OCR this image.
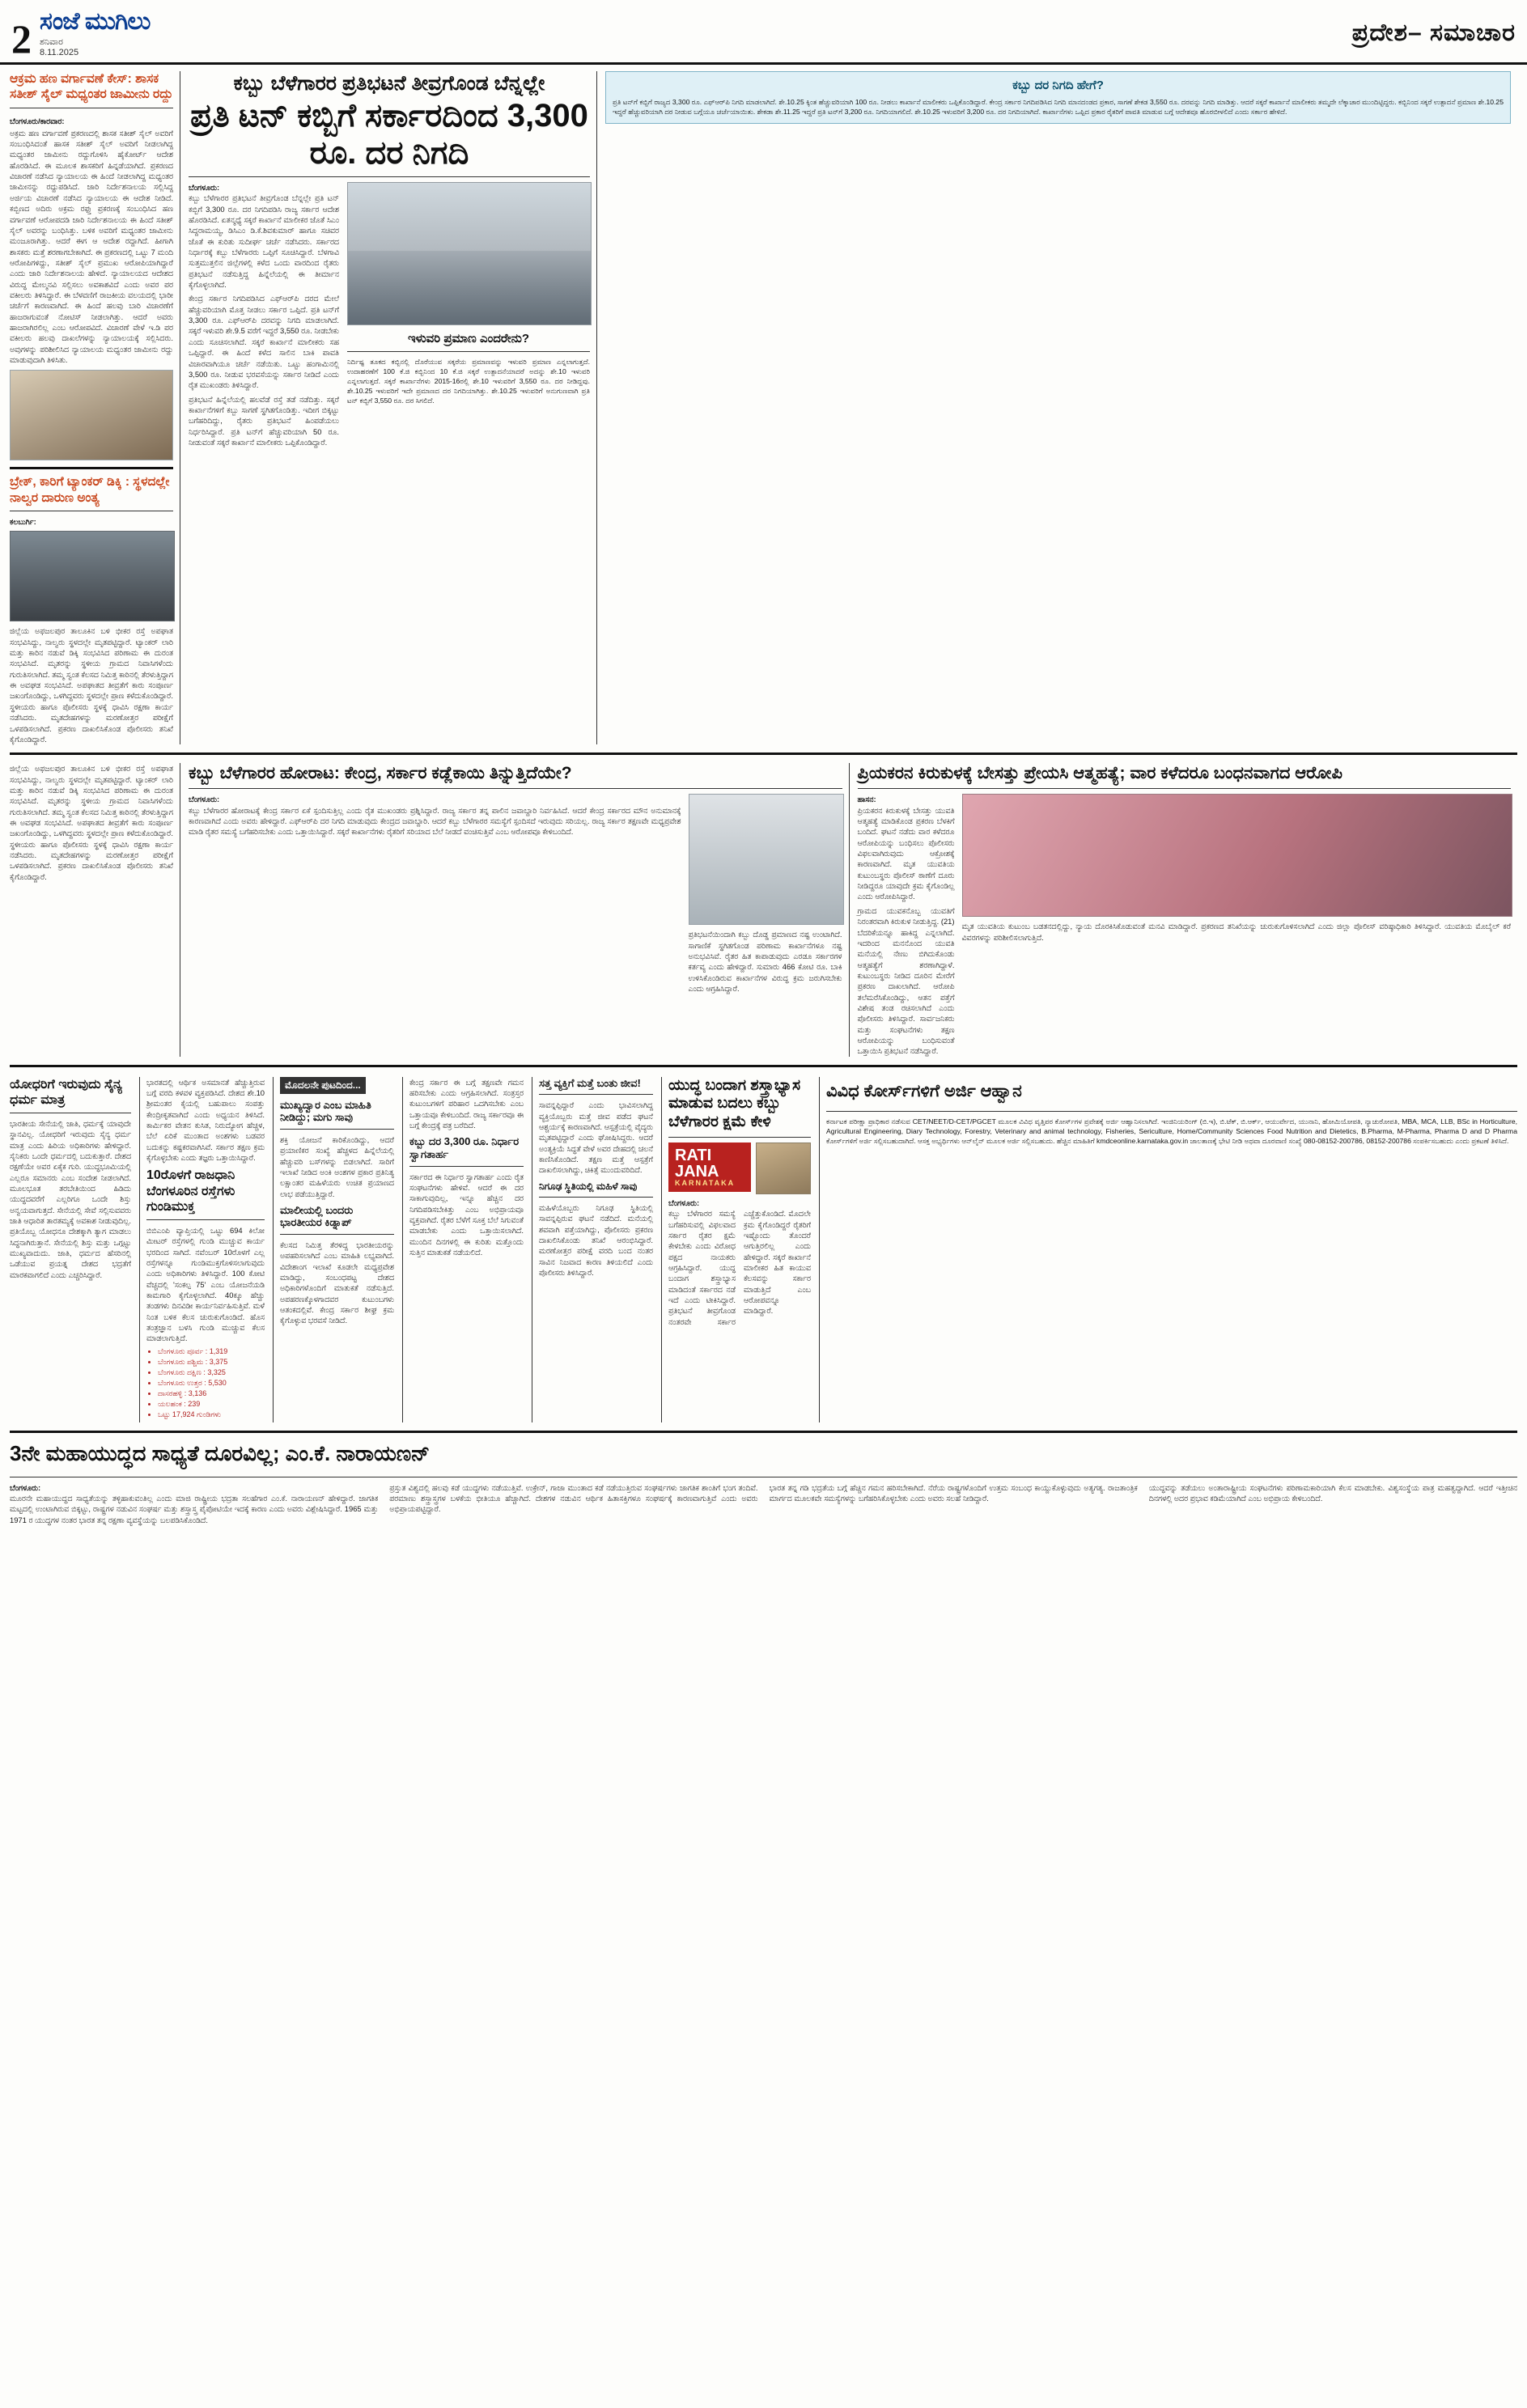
2 ಸಂಜೆ ಮುಗಿಲು
ಶನಿವಾರ
8.11.2025
ಪ್ರದೇಶ– ಸಮಾಚಾರ
ಆಕ್ರಮ ಹಣ ವರ್ಗಾವಣೆ ಕೇಸ್‌: ಶಾಸಕ ಸತೀಶ್ ಸೈಲ್ ಮಧ್ಯಂತರ ಜಾಮೀನು ರದ್ದು
ಬೆಂಗಳೂರು/ಕಾರವಾರ:
ಅಕ್ರಮ ಹಣ ವರ್ಗಾವಣೆ ಪ್ರಕರಣದಲ್ಲಿ ಶಾಸಕ ಸತೀಶ್ ಸೈಲ್ ಅವರಿಗೆ ಸಂಬಂಧಿಸಿದಂತೆ ಹಾಸಕ ಸತೀಶ್ ಸೈಲ್ ಅವರಿಗೆ ನೀಡಲಾಗಿದ್ದ ಮಧ್ಯಂತರ ಜಾಮೀನು ರದ್ದುಗೊಳಿಸಿ ಹೈಕೋರ್ಟ್ ಆದೇಶ ಹೊರಡಿಸಿದೆ. ಈ ಮೂಲಕ ಶಾಸಕರಿಗೆ ಹಿನ್ನಡೆಯಾಗಿದೆ. ಪ್ರಕರಣದ ವಿಚಾರಣೆ ನಡೆಸಿದ ನ್ಯಾಯಾಲಯ ಈ ಹಿಂದೆ ನೀಡಲಾಗಿದ್ದ ಮಧ್ಯಂತರ ಜಾಮೀನನ್ನು ರದ್ದುಪಡಿಸಿದೆ. ಜಾರಿ ನಿರ್ದೇಶನಾಲಯ ಸಲ್ಲಿಸಿದ್ದ ಅರ್ಜಿಯ ವಿಚಾರಣೆ ನಡೆಸಿದ ನ್ಯಾಯಾಲಯ ಈ ಆದೇಶ ನೀಡಿದೆ. ಕಬ್ಬಿಣದ ಅದಿರು ಅಕ್ರಮ ರಫ್ತು ಪ್ರಕರಣಕ್ಕೆ ಸಂಬಂಧಿಸಿದ ಹಣ ವರ್ಗಾವಣೆ ಆರೋಪದಡಿ ಜಾರಿ ನಿರ್ದೇಶನಾಲಯ ಈ ಹಿಂದೆ ಸತೀಶ್ ಸೈಲ್ ಅವರನ್ನು ಬಂಧಿಸಿತ್ತು. ಬಳಿಕ ಅವರಿಗೆ ಮಧ್ಯಂತರ ಜಾಮೀನು ಮಂಜೂರಾಗಿತ್ತು. ಆದರೆ ಈಗ ಆ ಆದೇಶ ರದ್ದಾಗಿದೆ. ಹೀಗಾಗಿ ಶಾಸಕರು ಮತ್ತೆ ಶರಣಾಗಬೇಕಾಗಿದೆ. ಈ ಪ್ರಕರಣದಲ್ಲಿ ಒಟ್ಟು 7 ಮಂದಿ ಆರೋಪಿಗಳಿದ್ದು, ಸತೀಶ್ ಸೈಲ್ ಪ್ರಮುಖ ಆರೋಪಿಯಾಗಿದ್ದಾರೆ ಎಂದು ಜಾರಿ ನಿರ್ದೇಶನಾಲಯ ಹೇಳಿದೆ. ನ್ಯಾಯಾಲಯದ ಆದೇಶದ ವಿರುದ್ಧ ಮೇಲ್ಮನವಿ ಸಲ್ಲಿಸಲು ಅವಕಾಶವಿದೆ ಎಂದು ಅವರ ಪರ ವಕೀಲರು ತಿಳಿಸಿದ್ದಾರೆ. ಈ ಬೆಳವಣಿಗೆ ರಾಜಕೀಯ ವಲಯದಲ್ಲಿ ಭಾರೀ ಚರ್ಚೆಗೆ ಕಾರಣವಾಗಿದೆ. ಈ ಹಿಂದೆ ಹಲವು ಬಾರಿ ವಿಚಾರಣೆಗೆ ಹಾಜರಾಗುವಂತೆ ನೋಟಿಸ್ ನೀಡಲಾಗಿತ್ತು. ಆದರೆ ಅವರು ಹಾಜರಾಗಿರಲಿಲ್ಲ ಎಂಬ ಆರೋಪವಿದೆ. ವಿಚಾರಣೆ ವೇಳೆ ಇ.ಡಿ ಪರ ವಕೀಲರು ಹಲವು ದಾಖಲೆಗಳನ್ನು ನ್ಯಾಯಾಲಯಕ್ಕೆ ಸಲ್ಲಿಸಿದರು. ಅವುಗಳನ್ನು ಪರಿಶೀಲಿಸಿದ ನ್ಯಾಯಾಲಯ ಮಧ್ಯಂತರ ಜಾಮೀನು ರದ್ದು ಮಾಡುವುದಾಗಿ ತಿಳಿಸಿತು.
ಬ್ರೇಕ್‌, ಕಾರಿಗೆ ಟ್ಯಾಂಕರ್ ಡಿಕ್ಕಿ : ಸ್ಥಳದಲ್ಲೇ ನಾಲ್ವರ ದಾರುಣ ಅಂತ್ಯ
ಕಲಬುರ್ಗಿ:
ಜಿಲ್ಲೆಯ ಅಫಜಲಪುರ ತಾಲೂಕಿನ ಬಳಿ ಭೀಕರ ರಸ್ತೆ ಅಪಘಾತ ಸಂಭವಿಸಿದ್ದು, ನಾಲ್ವರು ಸ್ಥಳದಲ್ಲೇ ಮೃತಪಟ್ಟಿದ್ದಾರೆ. ಟ್ಯಾಂಕರ್ ಲಾರಿ ಮತ್ತು ಕಾರಿನ ನಡುವೆ ಡಿಕ್ಕಿ ಸಂಭವಿಸಿದ ಪರಿಣಾಮ ಈ ದುರಂತ ಸಂಭವಿಸಿದೆ. ಮೃತರನ್ನು ಸ್ಥಳೀಯ ಗ್ರಾಮದ ನಿವಾಸಿಗಳೆಂದು ಗುರುತಿಸಲಾಗಿದೆ. ತಮ್ಮ ಸ್ವಂತ ಕೆಲಸದ ನಿಮಿತ್ತ ಕಾರಿನಲ್ಲಿ ತೆರಳುತ್ತಿದ್ದಾಗ ಈ ಅವಘಡ ಸಂಭವಿಸಿದೆ. ಅಪಘಾತದ ತೀವ್ರತೆಗೆ ಕಾರು ಸಂಪೂರ್ಣ ಜಖಂಗೊಂಡಿದ್ದು, ಒಳಗಿದ್ದವರು ಸ್ಥಳದಲ್ಲೇ ಪ್ರಾಣ ಕಳೆದುಕೊಂಡಿದ್ದಾರೆ. ಸ್ಥಳೀಯರು ಹಾಗೂ ಪೊಲೀಸರು ಸ್ಥಳಕ್ಕೆ ಧಾವಿಸಿ ರಕ್ಷಣಾ ಕಾರ್ಯ ನಡೆಸಿದರು. ಮೃತದೇಹಗಳನ್ನು ಮರಣೋತ್ತರ ಪರೀಕ್ಷೆಗೆ ಒಳಪಡಿಸಲಾಗಿದೆ. ಪ್ರಕರಣ ದಾಖಲಿಸಿಕೊಂಡ ಪೊಲೀಸರು ತನಿಖೆ ಕೈಗೊಂಡಿದ್ದಾರೆ.
ಕಬ್ಬು ಬೆಳೆಗಾರರ ಪ್ರತಿಭಟನೆ ತೀವ್ರಗೊಂಡ ಬೆನ್ನಲ್ಲೇ
ಪ್ರತಿ ಟನ್ ಕಬ್ಬಿಗೆ ಸರ್ಕಾರದಿಂದ 3,300 ರೂ. ದರ ನಿಗದಿ
ಬೆಂಗಳೂರು:
ಕಬ್ಬು ಬೆಳೆಗಾರರ ಪ್ರತಿಭಟನೆ ತೀವ್ರಗೊಂಡ ಬೆನ್ನಲ್ಲೇ ಪ್ರತಿ ಟನ್ ಕಬ್ಬಿಗೆ 3,300 ರೂ. ದರ ನಿಗದಿಪಡಿಸಿ ರಾಜ್ಯ ಸರ್ಕಾರ ಆದೇಶ ಹೊರಡಿಸಿದೆ. ಏತನ್ಮಧ್ಯೆ ಸಕ್ಕರೆ ಕಾರ್ಖಾನೆ ಮಾಲೀಕರ ಜೊತೆ ಸಿಎಂ ಸಿದ್ದರಾಮಯ್ಯ, ಡಿಸಿಎಂ ಡಿ.ಕೆ.ಶಿವಕುಮಾರ್ ಹಾಗೂ ಸಚಿವರ ಜೊತೆ ಈ ಕುರಿತು ಸುದೀರ್ಘ ಚರ್ಚೆ ನಡೆಸಿದರು. ಸರ್ಕಾರದ ನಿರ್ಧಾರಕ್ಕೆ ಕಬ್ಬು ಬೆಳೆಗಾರರು ಒಪ್ಪಿಗೆ ಸೂಚಿಸಿದ್ದಾರೆ. ಬೆಳಗಾವಿ ಸುತ್ತಮುತ್ತಲಿನ ಜಿಲ್ಲೆಗಳಲ್ಲಿ ಕಳೆದ ಒಂದು ವಾರದಿಂದ ರೈತರು ಪ್ರತಿಭಟನೆ ನಡೆಸುತ್ತಿದ್ದ ಹಿನ್ನೆಲೆಯಲ್ಲಿ ಈ ತೀರ್ಮಾನ ಕೈಗೊಳ್ಳಲಾಗಿದೆ.
ಕೇಂದ್ರ ಸರ್ಕಾರ ನಿಗದಿಪಡಿಸಿದ ಎಫ್‌ಆರ್‌ಪಿ ದರದ ಮೇಲೆ ಹೆಚ್ಚುವರಿಯಾಗಿ ಮೊತ್ತ ನೀಡಲು ಸರ್ಕಾರ ಒಪ್ಪಿದೆ. ಪ್ರತಿ ಟನ್‌ಗೆ 3,300 ರೂ. ಎಫ್‌ಆರ್‌ಪಿ ದರವನ್ನು ನಿಗದಿ ಮಾಡಲಾಗಿದೆ. ಸಕ್ಕರೆ ಇಳುವರಿ ಶೇ.9.5 ವರೆಗೆ ಇದ್ದರೆ 3,550 ರೂ. ನೀಡಬೇಕು ಎಂದು ಸೂಚಿಸಲಾಗಿದೆ. ಸಕ್ಕರೆ ಕಾರ್ಖಾನೆ ಮಾಲೀಕರು ಸಹ ಒಪ್ಪಿದ್ದಾರೆ. ಈ ಹಿಂದೆ ಕಳೆದ ಸಾಲಿನ ಬಾಕಿ ಪಾವತಿ ವಿಚಾರವಾಗಿಯೂ ಚರ್ಚೆ ನಡೆಯಿತು. ಒಟ್ಟು ಹಂಗಾಮಿನಲ್ಲಿ 3,500 ರೂ. ನೀಡುವ ಭರವಸೆಯನ್ನು ಸರ್ಕಾರ ನೀಡಿದೆ ಎಂದು ರೈತ ಮುಖಂಡರು ತಿಳಿಸಿದ್ದಾರೆ.
ಪ್ರತಿಭಟನೆ ಹಿನ್ನೆಲೆಯಲ್ಲಿ ಹಲವೆಡೆ ರಸ್ತೆ ತಡೆ ನಡೆದಿತ್ತು. ಸಕ್ಕರೆ ಕಾರ್ಖಾನೆಗಳಿಗೆ ಕಬ್ಬು ಸಾಗಣೆ ಸ್ಥಗಿತಗೊಂಡಿತ್ತು. ಇದೀಗ ಬಿಕ್ಕಟ್ಟು ಬಗೆಹರಿದಿದ್ದು, ರೈತರು ಪ್ರತಿಭಟನೆ ಹಿಂಪಡೆಯಲು ನಿರ್ಧರಿಸಿದ್ದಾರೆ. ಪ್ರತಿ ಟನ್‌ಗೆ ಹೆಚ್ಚುವರಿಯಾಗಿ 50 ರೂ. ನೀಡುವಂತೆ ಸಕ್ಕರೆ ಕಾರ್ಖಾನೆ ಮಾಲೀಕರು ಒಪ್ಪಿಕೊಂಡಿದ್ದಾರೆ.
ಇಳುವರಿ ಪ್ರಮಾಣ ಎಂದರೇನು?
ನಿರ್ದಿಷ್ಟ ತೂಕದ ಕಬ್ಬಿನಲ್ಲಿ ದೊರೆಯುವ ಸಕ್ಕರೆಯ ಪ್ರಮಾಣವನ್ನು ಇಳುವರಿ ಪ್ರಮಾಣ ಎನ್ನಲಾಗುತ್ತದೆ. ಉದಾಹರಣೆಗೆ 100 ಕೆ.ಜಿ ಕಬ್ಬಿನಿಂದ 10 ಕೆ.ಜಿ ಸಕ್ಕರೆ ಉತ್ಪಾದನೆಯಾದರೆ ಅದನ್ನು ಶೇ.10 ಇಳುವರಿ ಎನ್ನಲಾಗುತ್ತದೆ. ಸಕ್ಕರೆ ಕಾರ್ಖಾನೆಗಳು 2015-16ರಲ್ಲಿ ಶೇ.10 ಇಳುವರಿಗೆ 3,550 ರೂ. ದರ ನೀಡಿದ್ದವು. ಶೇ.10.25 ಇಳುವರಿಗೆ ಇದೇ ಪ್ರಮಾಣದ ದರ ನಿಗದಿಯಾಗಿತ್ತು. ಶೇ.10.25 ಇಳುವರಿಗೆ ಅನುಗುಣವಾಗಿ ಪ್ರತಿ ಟನ್ ಕಬ್ಬಿಗೆ 3,550 ರೂ. ದರ ಸಿಗಲಿದೆ.
ಕಬ್ಬು ದರ ನಿಗದಿ ಹೇಗೆ?
ಪ್ರತಿ ಟನ್‌ಗೆ ಕಬ್ಬಿಗೆ ರಾಜ್ಯದ 3,300 ರೂ. ಎಫ್‌ಆರ್‌ಪಿ ನಿಗದಿ ಮಾಡಲಾಗಿದೆ. ಶೇ.10.25 ಕ್ಕಿಂತ ಹೆಚ್ಚುವರಿಯಾಗಿ 100 ರೂ. ನೀಡಲು ಕಾರ್ಖಾನೆ ಮಾಲೀಕರು ಒಪ್ಪಿಕೊಂಡಿದ್ದಾರೆ. ಕೇಂದ್ರ ಸರ್ಕಾರ ನಿಗದಿಪಡಿಸಿದ ನಿಗದಿ ಮಾನದಂಡದ ಪ್ರಕಾರ, ಸಾಗಣೆ ಶೇಕಡ 3,550 ರೂ. ದರವನ್ನು ನಿಗದಿ ಮಾಡಿತ್ತು. ಆದರೆ ಸಕ್ಕರೆ ಕಾರ್ಖಾನೆ ಮಾಲೀಕರು ತಮ್ಮದೇ ಲೆಕ್ಕಾಚಾರ ಮುಂದಿಟ್ಟಿದ್ದರು. ಕಬ್ಬಿನಿಂದ ಸಕ್ಕರೆ ಉತ್ಪಾದನೆ ಪ್ರಮಾಣ ಶೇ.10.25 ಇದ್ದರೆ ಹೆಚ್ಚುವರಿಯಾಗಿ ದರ ನೀಡುವ ಬಗ್ಗೆಯೂ ಚರ್ಚೆಯಾಯಿತು. ಶೇಕಡಾ ಶೇ.11.25 ಇದ್ದರೆ ಪ್ರತಿ ಟನ್‌ಗೆ 3,200 ರೂ. ನಿಗದಿಯಾಗಲಿದೆ. ಶೇ.10.25 ಇಳುವರಿಗೆ 3,200 ರೂ. ದರ ನಿಗದಿಯಾಗಿದೆ. ಕಾರ್ಖಾನೆಗಳು ಒಪ್ಪಿದ ಪ್ರಕಾರ ರೈತರಿಗೆ ಪಾವತಿ ಮಾಡುವ ಬಗ್ಗೆ ಆದೇಶವೂ ಹೊರಬೀಳಲಿದೆ ಎಂದು ಸರ್ಕಾರ ಹೇಳಿದೆ.
ಜಿಲ್ಲೆಯ ಅಫಜಲಪುರ ತಾಲೂಕಿನ ಬಳಿ ಭೀಕರ ರಸ್ತೆ ಅಪಘಾತ ಸಂಭವಿಸಿದ್ದು, ನಾಲ್ವರು ಸ್ಥಳದಲ್ಲೇ ಮೃತಪಟ್ಟಿದ್ದಾರೆ. ಟ್ಯಾಂಕರ್ ಲಾರಿ ಮತ್ತು ಕಾರಿನ ನಡುವೆ ಡಿಕ್ಕಿ ಸಂಭವಿಸಿದ ಪರಿಣಾಮ ಈ ದುರಂತ ಸಂಭವಿಸಿದೆ. ಮೃತರನ್ನು ಸ್ಥಳೀಯ ಗ್ರಾಮದ ನಿವಾಸಿಗಳೆಂದು ಗುರುತಿಸಲಾಗಿದೆ. ತಮ್ಮ ಸ್ವಂತ ಕೆಲಸದ ನಿಮಿತ್ತ ಕಾರಿನಲ್ಲಿ ತೆರಳುತ್ತಿದ್ದಾಗ ಈ ಅವಘಡ ಸಂಭವಿಸಿದೆ. ಅಪಘಾತದ ತೀವ್ರತೆಗೆ ಕಾರು ಸಂಪೂರ್ಣ ಜಖಂಗೊಂಡಿದ್ದು, ಒಳಗಿದ್ದವರು ಸ್ಥಳದಲ್ಲೇ ಪ್ರಾಣ ಕಳೆದುಕೊಂಡಿದ್ದಾರೆ. ಸ್ಥಳೀಯರು ಹಾಗೂ ಪೊಲೀಸರು ಸ್ಥಳಕ್ಕೆ ಧಾವಿಸಿ ರಕ್ಷಣಾ ಕಾರ್ಯ ನಡೆಸಿದರು. ಮೃತದೇಹಗಳನ್ನು ಮರಣೋತ್ತರ ಪರೀಕ್ಷೆಗೆ ಒಳಪಡಿಸಲಾಗಿದೆ. ಪ್ರಕರಣ ದಾಖಲಿಸಿಕೊಂಡ ಪೊಲೀಸರು ತನಿಖೆ ಕೈಗೊಂಡಿದ್ದಾರೆ.
ಕಬ್ಬು ಬೆಳೆಗಾರರ ಹೋರಾಟ: ಕೇಂದ್ರ, ಸರ್ಕಾರ ಕಡ್ಲೆಕಾಯಿ ತಿನ್ನುತ್ತಿದೆಯೇ?
ಬೆಂಗಳೂರು:
ಕಬ್ಬು ಬೆಳೆಗಾರರ ಹೋರಾಟಕ್ಕೆ ಕೇಂದ್ರ ಸರ್ಕಾರ ಏಕೆ ಸ್ಪಂದಿಸುತ್ತಿಲ್ಲ ಎಂದು ರೈತ ಮುಖಂಡರು ಪ್ರಶ್ನಿಸಿದ್ದಾರೆ. ರಾಜ್ಯ ಸರ್ಕಾರ ತನ್ನ ಪಾಲಿನ ಜವಾಬ್ದಾರಿ ನಿರ್ವಹಿಸಿದೆ. ಆದರೆ ಕೇಂದ್ರ ಸರ್ಕಾರದ ಮೌನ ಅನುಮಾನಕ್ಕೆ ಕಾರಣವಾಗಿದೆ ಎಂದು ಅವರು ಹೇಳಿದ್ದಾರೆ. ಎಫ್‌ಆರ್‌ಪಿ ದರ ನಿಗದಿ ಮಾಡುವುದು ಕೇಂದ್ರದ ಜವಾಬ್ದಾರಿ. ಆದರೆ ಕಬ್ಬು ಬೆಳೆಗಾರರ ಸಮಸ್ಯೆಗೆ ಸ್ಪಂದಿಸದೆ ಇರುವುದು ಸರಿಯಲ್ಲ. ರಾಜ್ಯ ಸರ್ಕಾರ ತಕ್ಷಣವೇ ಮಧ್ಯಪ್ರವೇಶ ಮಾಡಿ ರೈತರ ಸಮಸ್ಯೆ ಬಗೆಹರಿಸಬೇಕು ಎಂದು ಒತ್ತಾಯಿಸಿದ್ದಾರೆ. ಸಕ್ಕರೆ ಕಾರ್ಖಾನೆಗಳು ರೈತರಿಗೆ ಸರಿಯಾದ ಬೆಲೆ ನೀಡದೆ ವಂಚಿಸುತ್ತಿವೆ ಎಂಬ ಆರೋಪವೂ ಕೇಳಿಬಂದಿದೆ.
ಪ್ರತಿಭಟನೆಯಿಂದಾಗಿ ಕಬ್ಬು ದೊಡ್ಡ ಪ್ರಮಾಣದ ನಷ್ಟ ಉಂಟಾಗಿದೆ. ಸಾಗಾಣಿಕೆ ಸ್ಥಗಿತಗೊಂಡ ಪರಿಣಾಮ ಕಾರ್ಖಾನೆಗಳೂ ನಷ್ಟ ಅನುಭವಿಸಿವೆ. ರೈತರ ಹಿತ ಕಾಪಾಡುವುದು ಎರಡೂ ಸರ್ಕಾರಗಳ ಕರ್ತವ್ಯ ಎಂದು ಹೇಳಿದ್ದಾರೆ. ಸುಮಾರು 466 ಕೋಟಿ ರೂ. ಬಾಕಿ ಉಳಿಸಿಕೊಂಡಿರುವ ಕಾರ್ಖಾನೆಗಳ ವಿರುದ್ಧ ಕ್ರಮ ಜರುಗಿಸಬೇಕು ಎಂದು ಆಗ್ರಹಿಸಿದ್ದಾರೆ.
ಪ್ರಿಯಕರನ ಕಿರುಕುಳಕ್ಕೆ ಬೇಸತ್ತು ಪ್ರೇಯಸಿ ಆತ್ಮಹತ್ಯೆ; ವಾರ ಕಳೆದರೂ ಬಂಧನವಾಗದ ಆರೋಪಿ
ಹಾಸನ:
ಪ್ರಿಯಕರನ ಕಿರುಕುಳಕ್ಕೆ ಬೇಸತ್ತು ಯುವತಿ ಆತ್ಮಹತ್ಯೆ ಮಾಡಿಕೊಂಡ ಪ್ರಕರಣ ಬೆಳಕಿಗೆ ಬಂದಿದೆ. ಘಟನೆ ನಡೆದು ವಾರ ಕಳೆದರೂ ಆರೋಪಿಯನ್ನು ಬಂಧಿಸಲು ಪೊಲೀಸರು ವಿಫಲವಾಗಿರುವುದು ಆಕ್ರೋಶಕ್ಕೆ ಕಾರಣವಾಗಿದೆ. ಮೃತ ಯುವತಿಯ ಕುಟುಂಬಸ್ಥರು ಪೊಲೀಸ್ ಠಾಣೆಗೆ ದೂರು ನೀಡಿದ್ದರೂ ಯಾವುದೇ ಕ್ರಮ ಕೈಗೊಂಡಿಲ್ಲ ಎಂದು ಆರೋಪಿಸಿದ್ದಾರೆ.
ಗ್ರಾಮದ ಯುವಕನೊಬ್ಬ ಯುವತಿಗೆ ನಿರಂತರವಾಗಿ ಕಿರುಕುಳ ನೀಡುತ್ತಿದ್ದ. (21) ಬೆದರಿಕೆಯನ್ನೂ ಹಾಕಿದ್ದ ಎನ್ನಲಾಗಿದೆ. ಇದರಿಂದ ಮನನೊಂದ ಯುವತಿ ಮನೆಯಲ್ಲಿ ನೇಣು ಬಿಗಿದುಕೊಂಡು ಆತ್ಮಹತ್ಯೆಗೆ ಶರಣಾಗಿದ್ದಾಳೆ. ಕುಟುಂಬಸ್ಥರು ನೀಡಿದ ದೂರಿನ ಮೇರೆಗೆ ಪ್ರಕರಣ ದಾಖಲಾಗಿದೆ. ಆರೋಪಿ ತಲೆಮರೆಸಿಕೊಂಡಿದ್ದು, ಆತನ ಪತ್ತೆಗೆ ವಿಶೇಷ ತಂಡ ರಚಿಸಲಾಗಿದೆ ಎಂದು ಪೊಲೀಸರು ತಿಳಿಸಿದ್ದಾರೆ. ಸಾರ್ವಜನಿಕರು ಮತ್ತು ಸಂಘಟನೆಗಳು ತಕ್ಷಣ ಆರೋಪಿಯನ್ನು ಬಂಧಿಸುವಂತೆ ಒತ್ತಾಯಿಸಿ ಪ್ರತಿಭಟನೆ ನಡೆಸಿದ್ದಾರೆ.
ಮೃತ ಯುವತಿಯ ಕುಟುಂಬ ಬಡತನದಲ್ಲಿದ್ದು, ನ್ಯಾಯ ದೊರಕಿಸಿಕೊಡುವಂತೆ ಮನವಿ ಮಾಡಿದ್ದಾರೆ. ಪ್ರಕರಣದ ತನಿಖೆಯನ್ನು ಚುರುಕುಗೊಳಿಸಲಾಗಿದೆ ಎಂದು ಜಿಲ್ಲಾ ಪೊಲೀಸ್ ವರಿಷ್ಠಾಧಿಕಾರಿ ತಿಳಿಸಿದ್ದಾರೆ. ಯುವತಿಯ ಮೊಬೈಲ್ ಕರೆ ವಿವರಗಳನ್ನು ಪರಿಶೀಲಿಸಲಾಗುತ್ತಿದೆ.
ಯೋಧರಿಗೆ ಇರುವುದು ಸೈನ್ಯ ಧರ್ಮ ಮಾತ್ರ
ಭಾರತೀಯ ಸೇನೆಯಲ್ಲಿ ಜಾತಿ, ಧರ್ಮಕ್ಕೆ ಯಾವುದೇ ಸ್ಥಾನವಿಲ್ಲ. ಯೋಧರಿಗೆ ಇರುವುದು ಸೈನ್ಯ ಧರ್ಮ ಮಾತ್ರ ಎಂದು ಹಿರಿಯ ಅಧಿಕಾರಿಗಳು ಹೇಳಿದ್ದಾರೆ. ಸೈನಿಕರು ಒಂದೇ ಧರ್ಮದಲ್ಲಿ ಬದುಕುತ್ತಾರೆ. ದೇಶದ ರಕ್ಷಣೆಯೇ ಅವರ ಏಕೈಕ ಗುರಿ. ಯುದ್ಧಭೂಮಿಯಲ್ಲಿ ಎಲ್ಲರೂ ಸಮಾನರು ಎಂಬ ಸಂದೇಶ ನೀಡಲಾಗಿದೆ. ಮೂಲಭೂತ ತರಬೇತಿಯಿಂದ ಹಿಡಿದು ಯುದ್ಧದವರೆಗೆ ಎಲ್ಲರಿಗೂ ಒಂದೇ ಶಿಸ್ತು ಅನ್ವಯವಾಗುತ್ತದೆ. ಸೇನೆಯಲ್ಲಿ ಸೇವೆ ಸಲ್ಲಿಸುವವರು ಜಾತಿ ಆಧಾರಿತ ತಾರತಮ್ಯಕ್ಕೆ ಅವಕಾಶ ನೀಡುವುದಿಲ್ಲ. ಪ್ರತಿಯೊಬ್ಬ ಯೋಧನೂ ದೇಶಕ್ಕಾಗಿ ತ್ಯಾಗ ಮಾಡಲು ಸಿದ್ಧನಾಗಿರುತ್ತಾನೆ. ಸೇನೆಯಲ್ಲಿ ಶಿಸ್ತು ಮತ್ತು ಒಗ್ಗಟ್ಟು ಮುಖ್ಯವಾದುದು. ಜಾತಿ, ಧರ್ಮದ ಹೆಸರಿನಲ್ಲಿ ಒಡೆಯುವ ಪ್ರಯತ್ನ ದೇಶದ ಭದ್ರತೆಗೆ ಮಾರಕವಾಗಲಿದೆ ಎಂದು ಎಚ್ಚರಿಸಿದ್ದಾರೆ.
ಭಾರತದಲ್ಲಿ ಆರ್ಥಿಕ ಅಸಮಾನತೆ ಹೆಚ್ಚುತ್ತಿರುವ ಬಗ್ಗೆ ವರದಿ ಕಳವಳ ವ್ಯಕ್ತಪಡಿಸಿದೆ. ದೇಶದ ಶೇ.10 ಶ್ರೀಮಂತರ ಕೈಯಲ್ಲಿ ಬಹುಪಾಲು ಸಂಪತ್ತು ಕೇಂದ್ರೀಕೃತವಾಗಿದೆ ಎಂದು ಅಧ್ಯಯನ ತಿಳಿಸಿದೆ. ಕಾರ್ಮಿಕರ ವೇತನ ಕುಸಿತ, ನಿರುದ್ಯೋಗ ಹೆಚ್ಚಳ, ಬೆಲೆ ಏರಿಕೆ ಮುಂತಾದ ಅಂಶಗಳು ಬಡವರ ಬದುಕನ್ನು ಕಷ್ಟಕರವಾಗಿಸಿವೆ. ಸರ್ಕಾರ ತಕ್ಷಣ ಕ್ರಮ ಕೈಗೊಳ್ಳಬೇಕು ಎಂದು ತಜ್ಞರು ಒತ್ತಾಯಿಸಿದ್ದಾರೆ.
10ರೊಳಗೆ ರಾಜಧಾನಿ ಬೆಂಗಳೂರಿನ ರಸ್ತೆಗಳು ಗುಂಡಿಮುಕ್ತ
ಬಿಬಿಎಂಪಿ ವ್ಯಾಪ್ತಿಯಲ್ಲಿ ಒಟ್ಟು 694 ಕಿಲೋ ಮೀಟರ್ ರಸ್ತೆಗಳಲ್ಲಿ ಗುಂಡಿ ಮುಚ್ಚುವ ಕಾರ್ಯ ಭರದಿಂದ ಸಾಗಿದೆ. ನವೆಂಬರ್ 10ರೊಳಗೆ ಎಲ್ಲ ರಸ್ತೆಗಳನ್ನೂ ಗುಂಡಿಮುಕ್ತಗೊಳಿಸಲಾಗುವುದು ಎಂದು ಅಧಿಕಾರಿಗಳು ತಿಳಿಸಿದ್ದಾರೆ. 100 ಕೋಟಿ ವೆಚ್ಚದಲ್ಲಿ 'ಸಂಕಲ್ಪ 75' ಎಂಬ ಯೋಜನೆಯಡಿ ಕಾಮಗಾರಿ ಕೈಗೊಳ್ಳಲಾಗಿದೆ. 40ಕ್ಕೂ ಹೆಚ್ಚು ತಂಡಗಳು ದಿನವಿಡೀ ಕಾರ್ಯನಿರ್ವಹಿಸುತ್ತಿವೆ. ಮಳೆ ನಿಂತ ಬಳಿಕ ಕೆಲಸ ಚುರುಕುಗೊಂಡಿದೆ. ಹೊಸ ತಂತ್ರಜ್ಞಾನ ಬಳಸಿ ಗುಂಡಿ ಮುಚ್ಚುವ ಕೆಲಸ ಮಾಡಲಾಗುತ್ತಿದೆ.
• ಬೆಂಗಳೂರು ಪೂರ್ವ : 1,319
• ಬೆಂಗಳೂರು ಪಶ್ಚಿಮ : 3,375
• ಬೆಂಗಳೂರು ದಕ್ಷಿಣ : 3,325
• ಬೆಂಗಳೂರು ಉತ್ತರ : 5,530
• ದಾಸರಹಳ್ಳಿ : 3,136
• ಯಲಹಂಕ : 239
• ಒಟ್ಟು 17,924 ಗುಂಡಿಗಳು
ಮೊದಲನೇ ಪುಟದಿಂದ...
ಮುಖ್ಯದ್ವಾರ ಎಂಬ ಮಾಹಿತಿ ನೀಡಿದ್ದು; ಮಗು ಸಾವು
ಶಕ್ತಿ ಯೋಜನೆ ಕಾರಿಕೊಂಡಿದ್ದು, ಆದರೆ ಪ್ರಯಾಣಿಕರ ಸಂಖ್ಯೆ ಹೆಚ್ಚಳದ ಹಿನ್ನೆಲೆಯಲ್ಲಿ ಹೆಚ್ಚುವರಿ ಬಸ್‌ಗಳನ್ನು ಬಿಡಲಾಗಿದೆ. ಸಾರಿಗೆ ಇಲಾಖೆ ನೀಡಿದ ಅಂಕಿ ಅಂಶಗಳ ಪ್ರಕಾರ ಪ್ರತಿನಿತ್ಯ ಲಕ್ಷಾಂತರ ಮಹಿಳೆಯರು ಉಚಿತ ಪ್ರಯಾಣದ ಲಾಭ ಪಡೆಯುತ್ತಿದ್ದಾರೆ.
ಮಾಲೀಯಲ್ಲಿ ಬಂದರು ಭಾರತೀಯರ ಕಿಡ್ನಾಪ್
ಕೆಲಸದ ನಿಮಿತ್ತ ತೆರಳಿದ್ದ ಭಾರತೀಯರನ್ನು ಅಪಹರಿಸಲಾಗಿದೆ ಎಂಬ ಮಾಹಿತಿ ಲಭ್ಯವಾಗಿದೆ. ವಿದೇಶಾಂಗ ಇಲಾಖೆ ಕೂಡಲೇ ಮಧ್ಯಪ್ರವೇಶ ಮಾಡಿದ್ದು, ಸಂಬಂಧಪಟ್ಟ ದೇಶದ ಅಧಿಕಾರಿಗಳೊಂದಿಗೆ ಮಾತುಕತೆ ನಡೆಸುತ್ತಿದೆ. ಅಪಹರಣಕ್ಕೊಳಗಾದವರ ಕುಟುಂಬಗಳು ಆತಂಕದಲ್ಲಿವೆ. ಕೇಂದ್ರ ಸರ್ಕಾರ ಶೀಘ್ರ ಕ್ರಮ ಕೈಗೊಳ್ಳುವ ಭರವಸೆ ನೀಡಿದೆ.
ಕೇಂದ್ರ ಸರ್ಕಾರ ಈ ಬಗ್ಗೆ ತಕ್ಷಣವೇ ಗಮನ ಹರಿಸಬೇಕು ಎಂದು ಆಗ್ರಹಿಸಲಾಗಿದೆ. ಸಂತ್ರಸ್ತರ ಕುಟುಂಬಗಳಿಗೆ ಪರಿಹಾರ ಒದಗಿಸಬೇಕು ಎಂಬ ಒತ್ತಾಯವೂ ಕೇಳಿಬಂದಿದೆ. ರಾಜ್ಯ ಸರ್ಕಾರವೂ ಈ ಬಗ್ಗೆ ಕೇಂದ್ರಕ್ಕೆ ಪತ್ರ ಬರೆದಿದೆ.
ಕಬ್ಬು ದರ 3,300 ರೂ. ನಿರ್ಧಾರ ಸ್ವಾಗತಾರ್ಹ
ಸರ್ಕಾರದ ಈ ನಿರ್ಧಾರ ಸ್ವಾಗತಾರ್ಹ ಎಂದು ರೈತ ಸಂಘಟನೆಗಳು ಹೇಳಿವೆ. ಆದರೆ ಈ ದರ ಸಾಕಾಗುವುದಿಲ್ಲ, ಇನ್ನೂ ಹೆಚ್ಚಿನ ದರ ನಿಗದಿಪಡಿಸಬೇಕಿತ್ತು ಎಂಬ ಅಭಿಪ್ರಾಯವೂ ವ್ಯಕ್ತವಾಗಿದೆ. ರೈತರ ಬೆಳೆಗೆ ಸೂಕ್ತ ಬೆಲೆ ಸಿಗುವಂತೆ ಮಾಡಬೇಕು ಎಂದು ಒತ್ತಾಯಿಸಲಾಗಿದೆ. ಮುಂದಿನ ದಿನಗಳಲ್ಲಿ ಈ ಕುರಿತು ಮತ್ತೊಂದು ಸುತ್ತಿನ ಮಾತುಕತೆ ನಡೆಯಲಿದೆ.
ಸತ್ತ ವ್ಯಕ್ತಿಗೆ ಮತ್ತೆ ಬಂತು ಜೀವ!
ಸಾವನ್ನಪ್ಪಿದ್ದಾರೆ ಎಂದು ಭಾವಿಸಲಾಗಿದ್ದ ವ್ಯಕ್ತಿಯೊಬ್ಬರು ಮತ್ತೆ ಜೀವ ಪಡೆದ ಘಟನೆ ಆಶ್ಚರ್ಯಕ್ಕೆ ಕಾರಣವಾಗಿದೆ. ಆಸ್ಪತ್ರೆಯಲ್ಲಿ ವೈದ್ಯರು ಮೃತಪಟ್ಟಿದ್ದಾರೆ ಎಂದು ಘೋಷಿಸಿದ್ದರು. ಆದರೆ ಅಂತ್ಯಕ್ರಿಯೆ ಸಿದ್ಧತೆ ವೇಳೆ ಅವರ ದೇಹದಲ್ಲಿ ಚಲನೆ ಕಾಣಿಸಿಕೊಂಡಿದೆ. ತಕ್ಷಣ ಮತ್ತೆ ಆಸ್ಪತ್ರೆಗೆ ದಾಖಲಿಸಲಾಗಿದ್ದು, ಚಿಕಿತ್ಸೆ ಮುಂದುವರಿದಿದೆ.
ನಿಗೂಢ ಸ್ಥಿತಿಯಲ್ಲಿ ಮಹಿಳೆ ಸಾವು
ಮಹಿಳೆಯೊಬ್ಬರು ನಿಗೂಢ ಸ್ಥಿತಿಯಲ್ಲಿ ಸಾವನ್ನಪ್ಪಿರುವ ಘಟನೆ ನಡೆದಿದೆ. ಮನೆಯಲ್ಲಿ ಶವವಾಗಿ ಪತ್ತೆಯಾಗಿದ್ದು, ಪೊಲೀಸರು ಪ್ರಕರಣ ದಾಖಲಿಸಿಕೊಂಡು ತನಿಖೆ ಆರಂಭಿಸಿದ್ದಾರೆ. ಮರಣೋತ್ತರ ಪರೀಕ್ಷೆ ವರದಿ ಬಂದ ನಂತರ ಸಾವಿನ ನಿಜವಾದ ಕಾರಣ ತಿಳಿಯಲಿದೆ ಎಂದು ಪೊಲೀಸರು ತಿಳಿಸಿದ್ದಾರೆ.
ಯುದ್ಧ ಬಂದಾಗ ಶಸ್ತ್ರಾಭ್ಯಾಸ ಮಾಡುವ ಬದಲು ಕಬ್ಬು ಬೆಳೆಗಾರರ ಕ್ಷಮೆ ಕೇಳಿ
RATI JANA
KARNATAKA
ಬೆಂಗಳೂರು:
ಕಬ್ಬು ಬೆಳೆಗಾರರ ಸಮಸ್ಯೆ ಬಗೆಹರಿಸುವಲ್ಲಿ ವಿಫಲವಾದ ಸರ್ಕಾರ ರೈತರ ಕ್ಷಮೆ ಕೇಳಬೇಕು ಎಂದು ವಿರೋಧ ಪಕ್ಷದ ನಾಯಕರು ಆಗ್ರಹಿಸಿದ್ದಾರೆ. ಯುದ್ಧ ಬಂದಾಗ ಶಸ್ತ್ರಾಭ್ಯಾಸ ಮಾಡಿದಂತೆ ಸರ್ಕಾರದ ನಡೆ ಇದೆ ಎಂದು ಟೀಕಿಸಿದ್ದಾರೆ. ಪ್ರತಿಭಟನೆ ತೀವ್ರಗೊಂಡ ನಂತರವೇ ಸರ್ಕಾರ ಎಚ್ಚೆತ್ತುಕೊಂಡಿದೆ. ಮೊದಲೇ ಕ್ರಮ ಕೈಗೊಂಡಿದ್ದರೆ ರೈತರಿಗೆ ಇಷ್ಟೊಂದು ತೊಂದರೆ ಆಗುತ್ತಿರಲಿಲ್ಲ ಎಂದು ಹೇಳಿದ್ದಾರೆ. ಸಕ್ಕರೆ ಕಾರ್ಖಾನೆ ಮಾಲೀಕರ ಹಿತ ಕಾಯುವ ಕೆಲಸವನ್ನು ಸರ್ಕಾರ ಮಾಡುತ್ತಿದೆ ಎಂಬ ಆರೋಪವನ್ನೂ ಮಾಡಿದ್ದಾರೆ.
ವಿವಿಧ ಕೋರ್ಸ್‌ಗಳಿಗೆ ಅರ್ಜಿ ಆಹ್ವಾನ
ಕರ್ನಾಟಕ ಪರೀಕ್ಷಾ ಪ್ರಾಧಿಕಾರ ನಡೆಸುವ CET/NEET/D-CET/PGCET ಮೂಲಕ ವಿವಿಧ ವೃತ್ತಿಪರ ಕೋರ್ಸ್‌ಗಳ ಪ್ರವೇಶಕ್ಕೆ ಅರ್ಜಿ ಆಹ್ವಾನಿಸಲಾಗಿದೆ. ಇಂಜಿನಿಯರಿಂಗ್ (ಬಿ.ಇ), ಬಿ.ಟೆಕ್, ಬಿ.ಆರ್ಕ್, ಆಯುರ್ವೇದ, ಯುನಾನಿ, ಹೋಮಿಯೋಪತಿ, ನ್ಯಾಚುರೋಪತಿ, MBA, MCA, LLB, BSc in Horticulture, Agricultural Engineering, Diary Technology, Forestry, Veterinary and animal technology, Fisheries, Sericulture, Home/Community Sciences Food Nutrition and Dietetics, B.Pharma, M-Pharma, Pharma D and D Pharma ಕೋರ್ಸ್‌ಗಳಿಗೆ ಅರ್ಜಿ ಸಲ್ಲಿಸಬಹುದಾಗಿದೆ. ಆಸಕ್ತ ಅಭ್ಯರ್ಥಿಗಳು ಆನ್‌ಲೈನ್ ಮೂಲಕ ಅರ್ಜಿ ಸಲ್ಲಿಸಬಹುದು. ಹೆಚ್ಚಿನ ಮಾಹಿತಿಗೆ kmdceonline.karnataka.gov.in ಜಾಲತಾಣಕ್ಕೆ ಭೇಟಿ ನೀಡಿ ಅಥವಾ ದೂರವಾಣಿ ಸಂಖ್ಯೆ 080-08152-200786, 08152-200786 ಸಂಪರ್ಕಿಸಬಹುದು ಎಂದು ಪ್ರಕಟಣೆ ತಿಳಿಸಿದೆ.
3ನೇ ಮಹಾಯುದ್ಧದ ಸಾಧ್ಯತೆ ದೂರವಿಲ್ಲ; ಎಂ.ಕೆ. ನಾರಾಯಣನ್
ಬೆಂಗಳೂರು:
ಮೂರನೇ ಮಹಾಯುದ್ಧದ ಸಾಧ್ಯತೆಯನ್ನು ತಳ್ಳಿಹಾಕುವಂತಿಲ್ಲ ಎಂದು ಮಾಜಿ ರಾಷ್ಟ್ರೀಯ ಭದ್ರತಾ ಸಲಹೆಗಾರ ಎಂ.ಕೆ. ನಾರಾಯಣನ್ ಹೇಳಿದ್ದಾರೆ. ಜಾಗತಿಕ ಮಟ್ಟದಲ್ಲಿ ಉಂಟಾಗಿರುವ ಬಿಕ್ಕಟ್ಟು, ರಾಷ್ಟ್ರಗಳ ನಡುವಿನ ಸಂಘರ್ಷ ಮತ್ತು ಶಸ್ತ್ರಾಸ್ತ್ರ ಪೈಪೋಟಿಯೇ ಇದಕ್ಕೆ ಕಾರಣ ಎಂದು ಅವರು ವಿಶ್ಲೇಷಿಸಿದ್ದಾರೆ. 1965 ಮತ್ತು 1971 ರ ಯುದ್ಧಗಳ ನಂತರ ಭಾರತ ತನ್ನ ರಕ್ಷಣಾ ವ್ಯವಸ್ಥೆಯನ್ನು ಬಲಪಡಿಸಿಕೊಂಡಿದೆ.
ಪ್ರಸ್ತುತ ವಿಶ್ವದಲ್ಲಿ ಹಲವು ಕಡೆ ಯುದ್ಧಗಳು ನಡೆಯುತ್ತಿವೆ. ಉಕ್ರೇನ್, ಗಾಜಾ ಮುಂತಾದ ಕಡೆ ನಡೆಯುತ್ತಿರುವ ಸಂಘರ್ಷಗಳು ಜಾಗತಿಕ ಶಾಂತಿಗೆ ಭಂಗ ತಂದಿವೆ. ಪರಮಾಣು ಶಸ್ತ್ರಾಸ್ತ್ರಗಳ ಬಳಕೆಯ ಭೀತಿಯೂ ಹೆಚ್ಚಾಗಿದೆ. ದೇಶಗಳ ನಡುವಿನ ಆರ್ಥಿಕ ಹಿತಾಸಕ್ತಿಗಳೂ ಸಂಘರ್ಷಕ್ಕೆ ಕಾರಣವಾಗುತ್ತಿವೆ ಎಂದು ಅವರು ಅಭಿಪ್ರಾಯಪಟ್ಟಿದ್ದಾರೆ.
ಭಾರತ ತನ್ನ ಗಡಿ ಭದ್ರತೆಯ ಬಗ್ಗೆ ಹೆಚ್ಚಿನ ಗಮನ ಹರಿಸಬೇಕಾಗಿದೆ. ನೆರೆಯ ರಾಷ್ಟ್ರಗಳೊಂದಿಗೆ ಉತ್ತಮ ಸಂಬಂಧ ಕಾಯ್ದುಕೊಳ್ಳುವುದು ಅತ್ಯಗತ್ಯ. ರಾಜತಾಂತ್ರಿಕ ಮಾರ್ಗದ ಮೂಲಕವೇ ಸಮಸ್ಯೆಗಳನ್ನು ಬಗೆಹರಿಸಿಕೊಳ್ಳಬೇಕು ಎಂದು ಅವರು ಸಲಹೆ ನೀಡಿದ್ದಾರೆ.
ಯುದ್ಧವನ್ನು ತಡೆಯಲು ಅಂತಾರಾಷ್ಟ್ರೀಯ ಸಂಘಟನೆಗಳು ಪರಿಣಾಮಕಾರಿಯಾಗಿ ಕೆಲಸ ಮಾಡಬೇಕು. ವಿಶ್ವಸಂಸ್ಥೆಯ ಪಾತ್ರ ಮಹತ್ವದ್ದಾಗಿದೆ. ಆದರೆ ಇತ್ತೀಚಿನ ದಿನಗಳಲ್ಲಿ ಅದರ ಪ್ರಭಾವ ಕಡಿಮೆಯಾಗಿದೆ ಎಂಬ ಅಭಿಪ್ರಾಯ ಕೇಳಿಬಂದಿದೆ.
